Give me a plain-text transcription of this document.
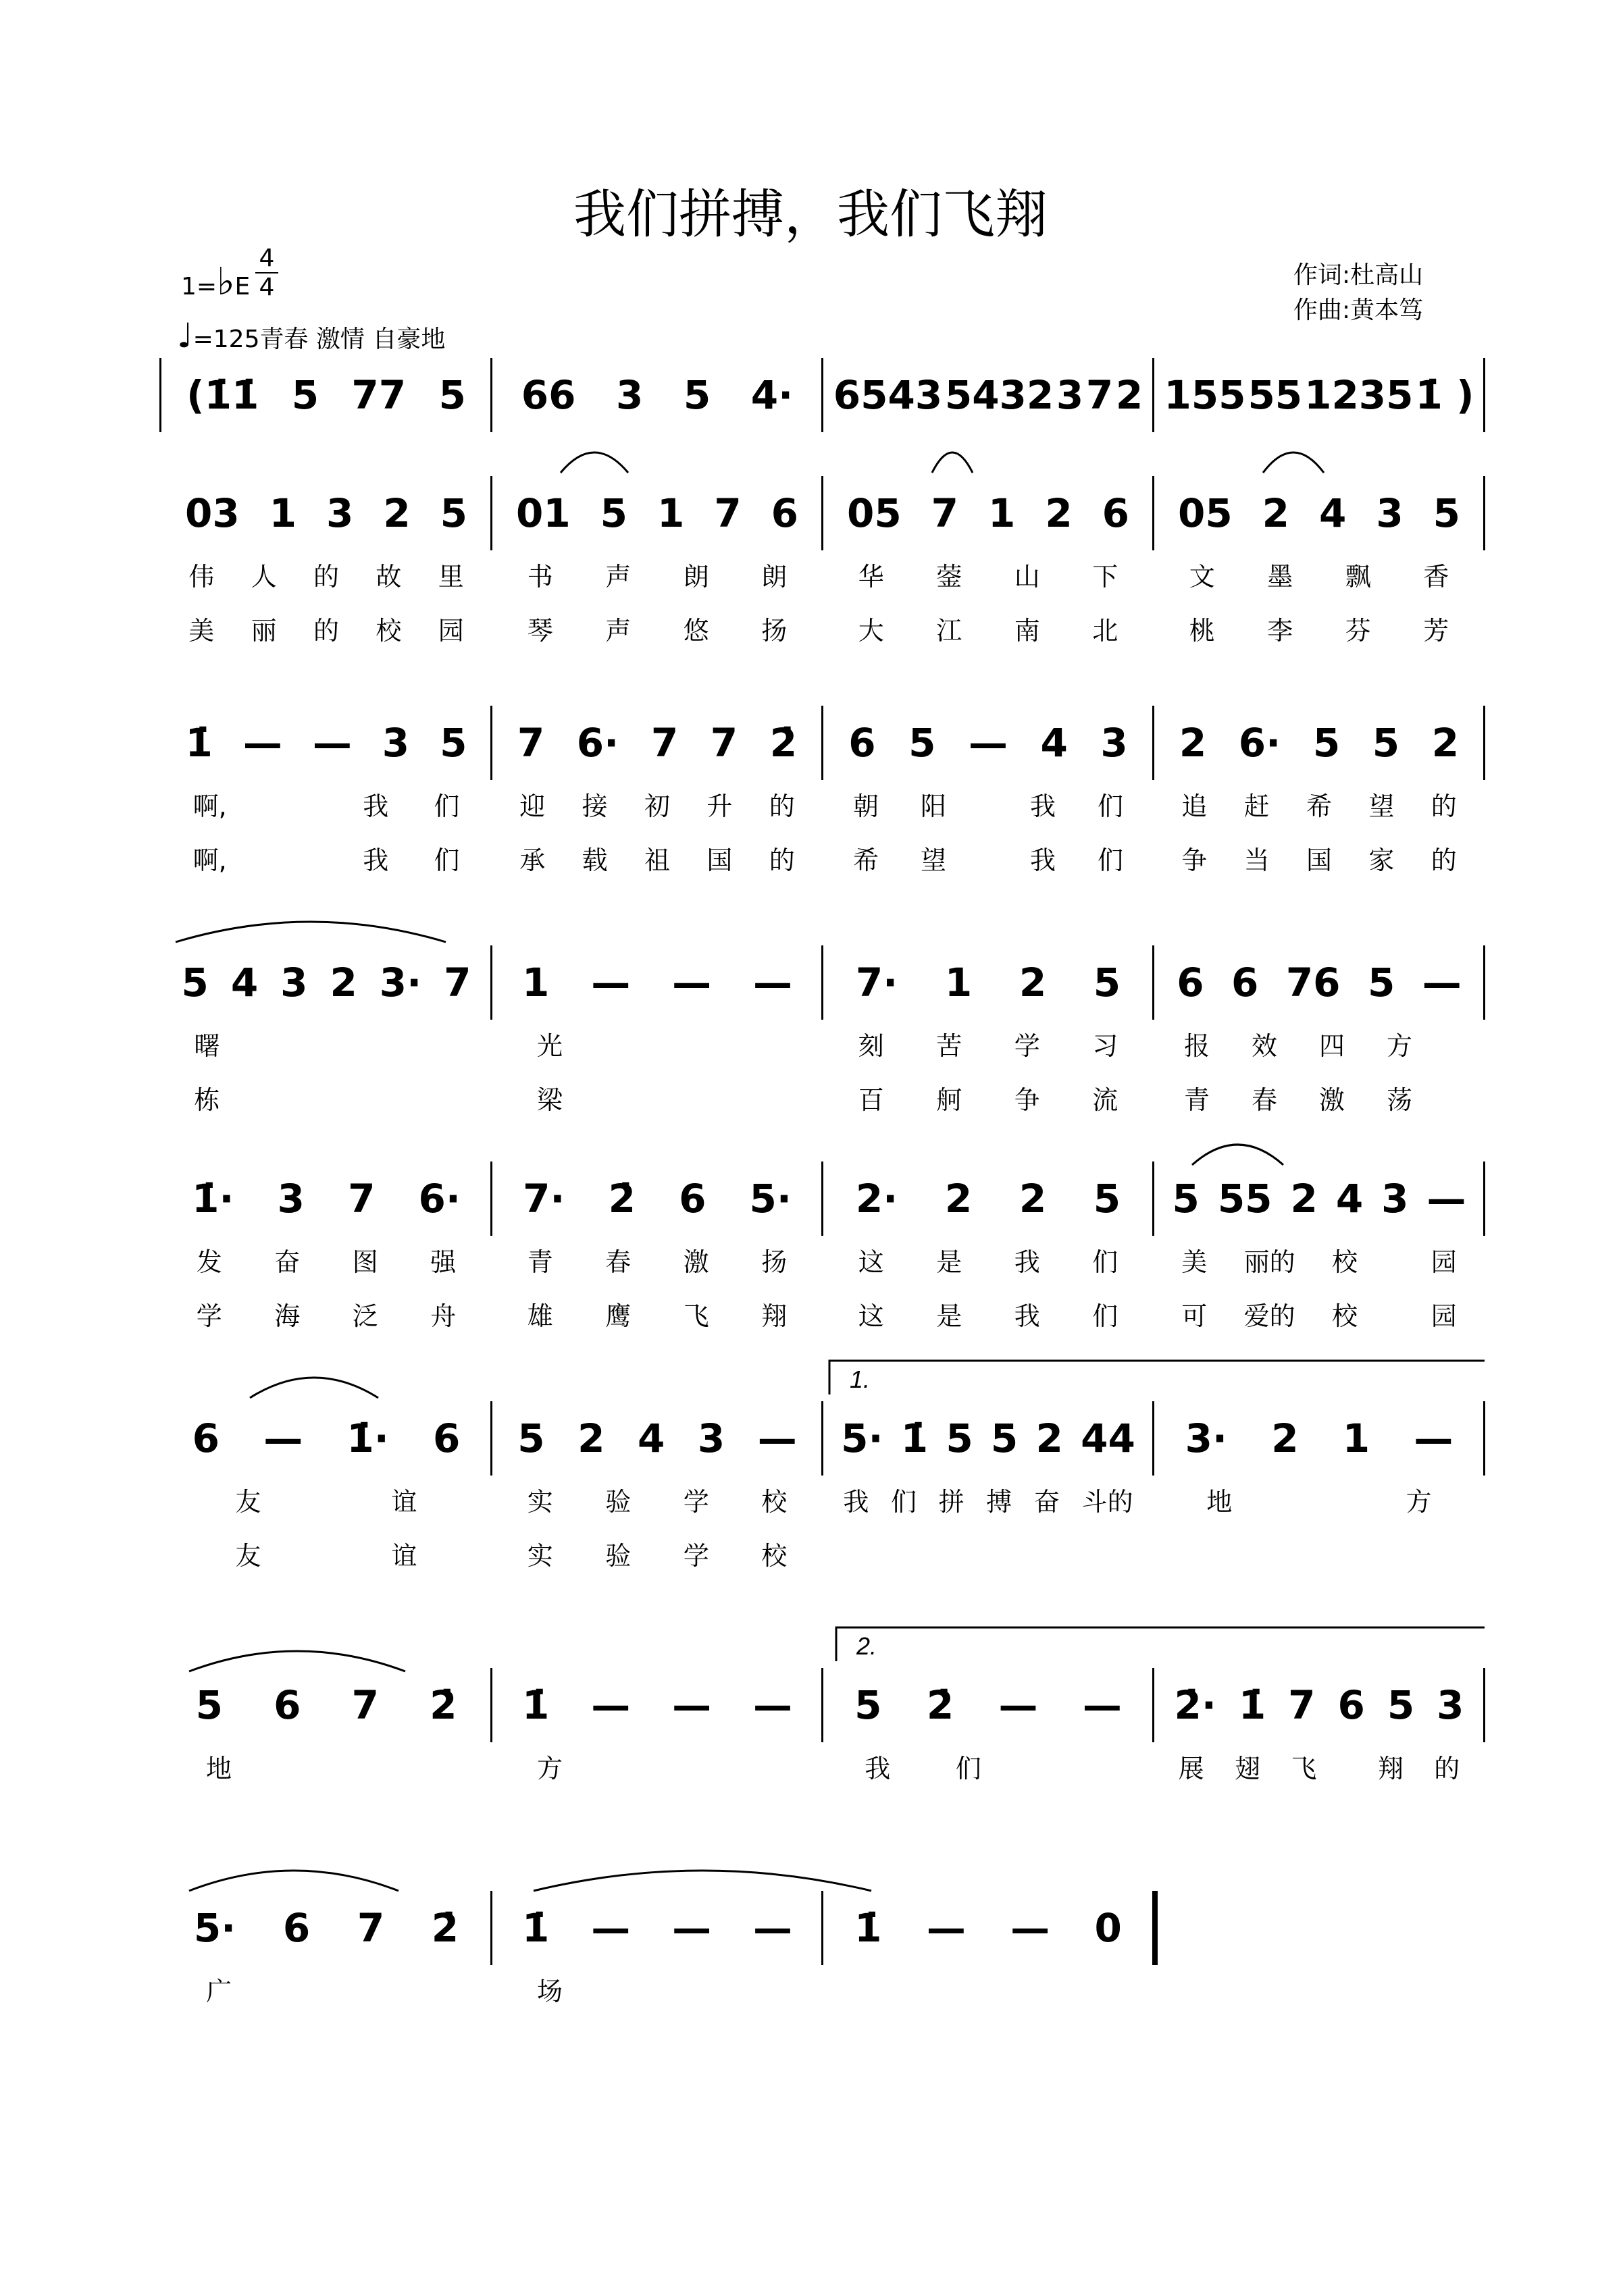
我们拼搏，我们飞翔
1=♭E
4
4
♩=125青春 激情 自豪地
作词:杜高山
作曲:黄本笃
(1̇1̇ 5 77 5 66 3 5 4· 6543 5432 3 7 2 155 55 1235 1̇ )
03 1 3 2 5 01 5 1 7 6 05 7 1 2 6 05 2 4 3 5
伟 人 的 故 里 书 声 朗 朗	华 蓥 山 下	文 墨 飘 香
美 丽 的 校 园 琴 声 悠 扬	大 江 南 北	桃 李 芬 芳
1̇ — — 3 5 7 6· 7 7 2̇ 6 5 — 4 3 2 6· 5 5 2
啊,	我 们 迎 接 初 升 的 朝 阳	我 们 追 赶 希 望 的
啊,	我 们 承 载 祖 国 的 希 望	我 们 争 当 国 家 的
5 4 3 2 3· 7 1 — — — 7· 1 2 5 6 6 76 5 —
曙	光	刻 苦 学 习	报 效 四 方
栋	梁	百 舸 争 流	青 春 激 荡
1̇· 3 7 6· 7· 2̇ 6 5· 2· 2 2 5 5 55 2 4 3 —
发 奋 图 强	青 春 激 扬	这 是 我 们 美 丽的 校	园
学 海 泛 舟	雄 鹰 飞 翔	这 是 我 们 可 爱的 校	园
6 — 1̇· 6 5 2 4 3 — 5· 1̇ 5 5 2 44 3· 2 1 —
友	谊	实 验 学 校 我 们 拼 搏 奋 斗的	地	方
友	谊	实 验 学 校
5 6 7 2̇ 1̇ — — — 5 2̇ — — 2̇· 1̇ 7 6 5 3
地	方	我	们	展 翅 飞 翔 的
5· 6 7 2̇ 1̇ — — — 1̇ — — 0
广	场
1.
2.
